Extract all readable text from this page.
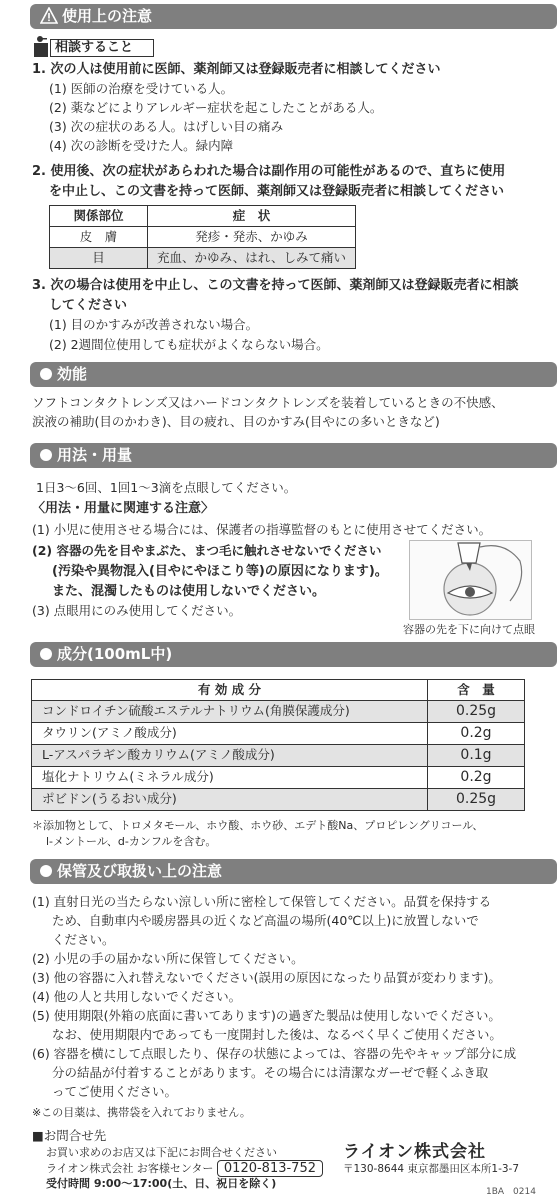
使用上の注意
相談すること
1. 次の人は使用前に医師、薬剤師又は登録販売者に相談してください
(1) 医師の治療を受けている人。
(2) 薬などによりアレルギー症状を起こしたことがある人。
(3) 次の症状のある人。はげしい目の痛み
(4) 次の診断を受けた人。緑内障
2. 使用後、次の症状があらわれた場合は副作用の可能性があるので、直ちに使用
を中止し、この文書を持って医師、薬剤師又は登録販売者に相談してください
関係部位	症　状
皮　膚	発疹・発赤、かゆみ
目	充血、かゆみ、はれ、しみて痛い
3. 次の場合は使用を中止し、この文書を持って医師、薬剤師又は登録販売者に相談
してください
(1) 目のかすみが改善されない場合。
(2) 2週間位使用しても症状がよくならない場合。
効能
ソフトコンタクトレンズ又はハードコンタクトレンズを装着しているときの不快感、
涙液の補助(目のかわき)、目の疲れ、目のかすみ(目やにの多いときなど)
用法・用量
1日3～6回、1回1～3滴を点眼してください。
〈用法・用量に関連する注意〉
(1) 小児に使用させる場合には、保護者の指導監督のもとに使用させてください。
(2) 容器の先を目やまぶた、まつ毛に触れさせないでください
(汚染や異物混入(目やにやほこり等)の原因になります)。
また、混濁したものは使用しないでください。
(3) 点眼用にのみ使用してください。
容器の先を下に向けて点眼
成分(100mL中)
有 効 成 分	含　量
コンドロイチン硫酸エステルナトリウム(角膜保護成分)	0.25g
タウリン(アミノ酸成分)	0.2g
L-アスパラギン酸カリウム(アミノ酸成分)	0.1g
塩化ナトリウム(ミネラル成分)	0.2g
ポビドン(うるおい成分)	0.25g
＊添加物として、トロメタモール、ホウ酸、ホウ砂、エデト酸Na、プロピレングリコール、
l-メントール、d-カンフルを含む。
保管及び取扱い上の注意
(1) 直射日光の当たらない涼しい所に密栓して保管してください。品質を保持する
ため、自動車内や暖房器具の近くなど高温の場所(40℃以上)に放置しないで
ください。
(2) 小児の手の届かない所に保管してください。
(3) 他の容器に入れ替えないでください(誤用の原因になったり品質が変わります)。
(4) 他の人と共用しないでください。
(5) 使用期限(外箱の底面に書いてあります)の過ぎた製品は使用しないでください。
なお、使用期限内であっても一度開封した後は、なるべく早くご使用ください。
(6) 容器を横にして点眼したり、保存の状態によっては、容器の先やキャップ部分に成
分の結晶が付着することがあります。その場合には清潔なガーゼで軽くふき取
ってご使用ください。
※この目薬は、携帯袋を入れておりません。
■お問合せ先
お買い求めのお店又は下記にお問合せください
ライオン株式会社 お客様センター 0120-813-752
受付時間 9:00～17:00(土、日、祝日を除く)
ライオン株式会社
〒130-8644 東京都墨田区本所1-3-7
1BA　0214
